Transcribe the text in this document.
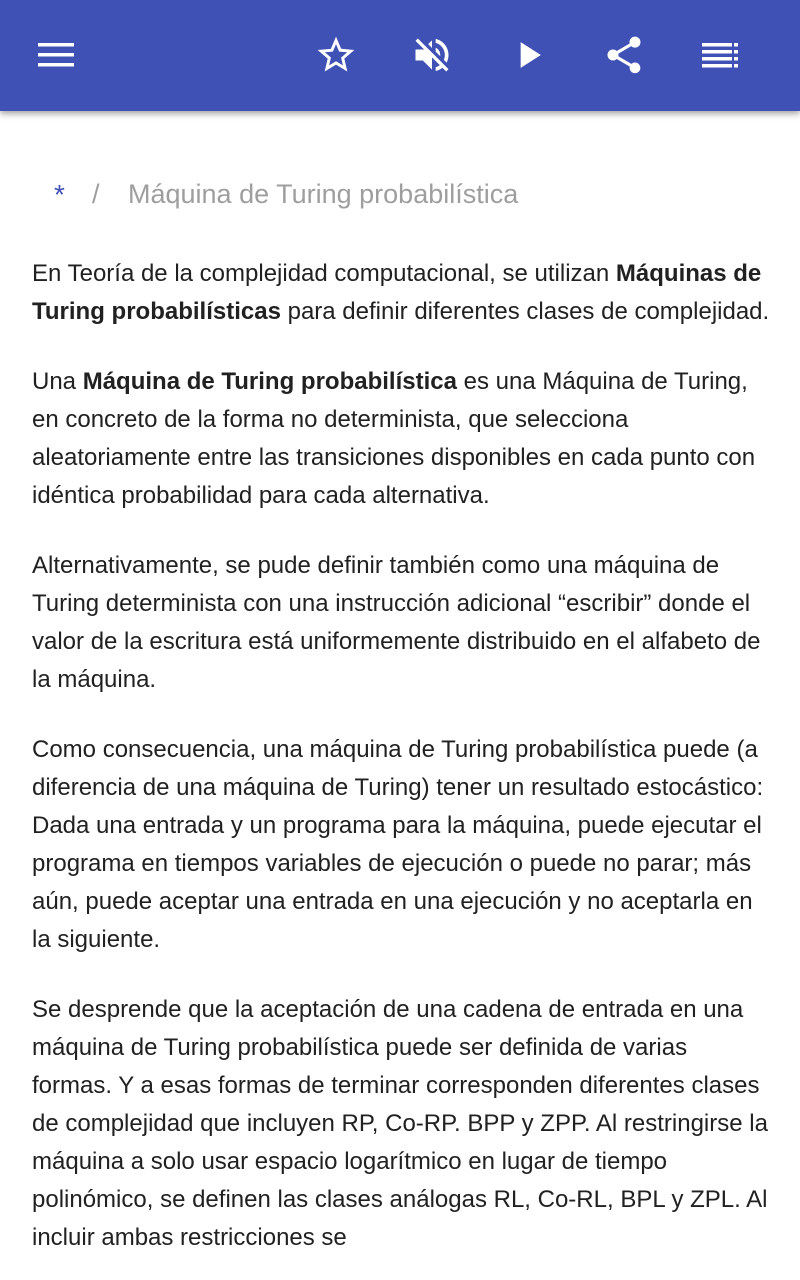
* / Máquina de Turing probabilística

En Teoría de la complejidad computacional, se utilizan Máquinas de Turing probabilísticas para definir diferentes clases de complejidad.

Una Máquina de Turing probabilística es una Máquina de Turing, en concreto de la forma no determinista, que selecciona aleatoriamente entre las transiciones disponibles en cada punto con idéntica probabilidad para cada alternativa.

Alternativamente, se pude definir también como una máquina de Turing determinista con una instrucción adicional “escribir” donde el valor de la escritura está uniformemente distribuido en el alfabeto de la máquina.

Como consecuencia, una máquina de Turing probabilística puede (a diferencia de una máquina de Turing) tener un resultado estocástico: Dada una entrada y un programa para la máquina, puede ejecutar el programa en tiempos variables de ejecución o puede no parar; más aún, puede aceptar una entrada en una ejecución y no aceptarla en la siguiente.

Se desprende que la aceptación de una cadena de entrada en una máquina de Turing probabilística puede ser definida de varias formas. Y a esas formas de terminar corresponden diferentes clases de complejidad que incluyen RP, Co-RP. BPP y ZPP. Al restringirse la máquina a solo usar espacio logarítmico en lugar de tiempo polinómico, se definen las clases análogas RL, Co-RL, BPL y ZPL. Al incluir ambas restricciones se
